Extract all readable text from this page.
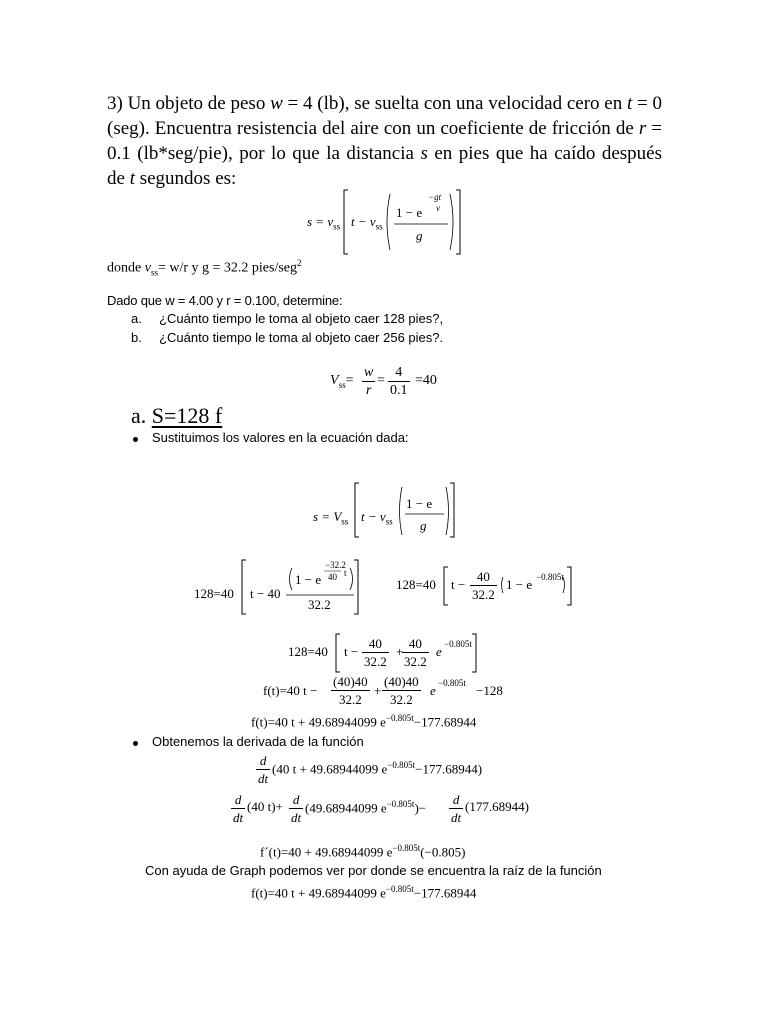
3) Un objeto de peso w = 4 (lb), se suelta con una velocidad cero en t = 0 (seg). Encuentra resistencia del aire con un coeficiente de fricción de r = 0.1 (lb*seg/pie), por lo que la distancia s en pies que ha caído después de t segundos es:

$s = v_{ss}$ $t - v_{ss}$
1 − e
−gt
v
g
donde $v_{ss}= w/r$ y g = 32.2 pies/seg$^2$
Dado que w = 4.00 y r = 0.100, determine:
a. ¿Cuánto tiempo le toma al objeto caer 128 pies?,
b. ¿Cuánto tiempo le toma al objeto caer 256 pies?.
$V_{ss}= \frac{w}{r} = \frac{4}{0.1} =40$
a. S=128 f
Sustituimos los valores en la ecuación dada:
$s = V_{ss}$ $t - v_{ss}$
1 − e
g
128=40 t − 40
1 − e
−32.2
40 t
32.2
128=40 $t - \frac{40}{32.2} 1 - e -0.805t$
128=40 $t - \frac{40}{32.2}$ +
$\frac{40}{32.2}$ e −0.805t
f(t)=40 $t - \frac{(40)40}{32.2} + \frac{(40)40}{32.2}$ e −0.805t −128
f(t)=40 t + 49.68944099 $e^{-0.805t}-177.68944$
Obtenemos la derivada de la función
$\frac{d}{dt} (40$ t + 49.68944099 $e^{-0.805t}-177.68944$)
$\frac{d}{dt} (40$ $t)+ \frac{d}{dt} (49.68944099$ $e^{-0.805t})- \frac{d}{dt} (177.68944)$
f´(t)=40 + 49.68944099 $e^{-0.805t}(-0.805)$
Con ayuda de Graph podemos ver por donde se encuentra la raíz de la función
f(t)=40 t + 49.68944099 $e^{-0.805t}-177.68944$
